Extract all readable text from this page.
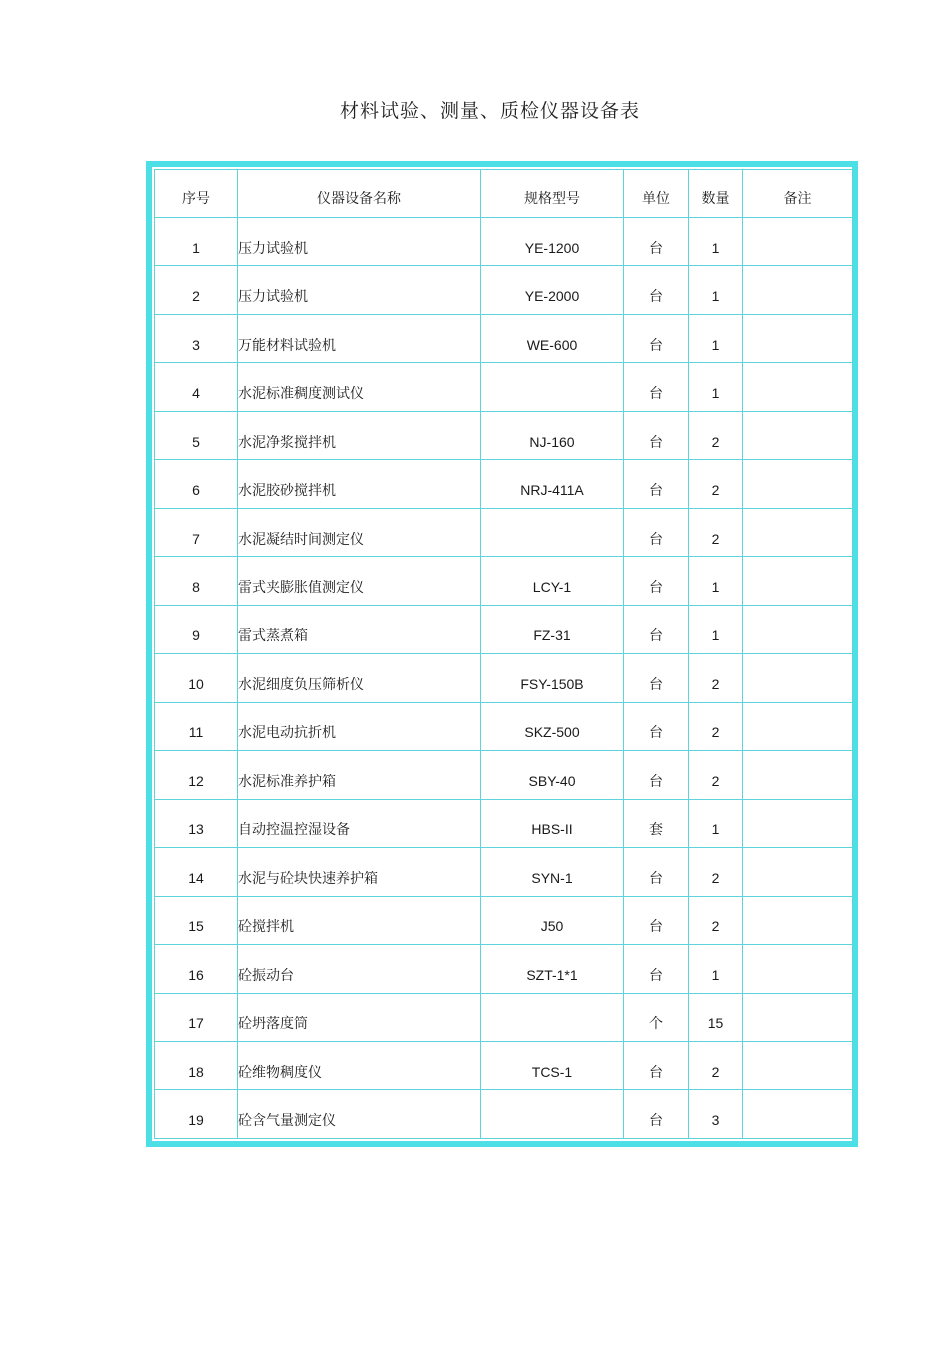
材料试验、测量、质检仪器设备表
序号	仪器设备名称	规格型号	单位	数量	备注
1	压力试验机	YE-1200	台	1	
2	压力试验机	YE-2000	台	1	
3	万能材料试验机	WE-600	台	1	
4	水泥标准稠度测试仪		台	1	
5	水泥净浆搅拌机	NJ-160	台	2	
6	水泥胶砂搅拌机	NRJ-411A	台	2	
7	水泥凝结时间测定仪		台	2	
8	雷式夹膨胀值测定仪	LCY-1	台	1	
9	雷式蒸煮箱	FZ-31	台	1	
10	水泥细度负压筛析仪	FSY-150B	台	2	
11	水泥电动抗折机	SKZ-500	台	2	
12	水泥标准养护箱	SBY-40	台	2	
13	自动控温控湿设备	HBS-II	套	1	
14	水泥与砼块快速养护箱	SYN-1	台	2	
15	砼搅拌机	J50	台	2	
16	砼振动台	SZT-1*1	台	1	
17	砼坍落度筒		个	15	
18	砼维物稠度仪	TCS-1	台	2	
19	砼含气量测定仪		台	3	
